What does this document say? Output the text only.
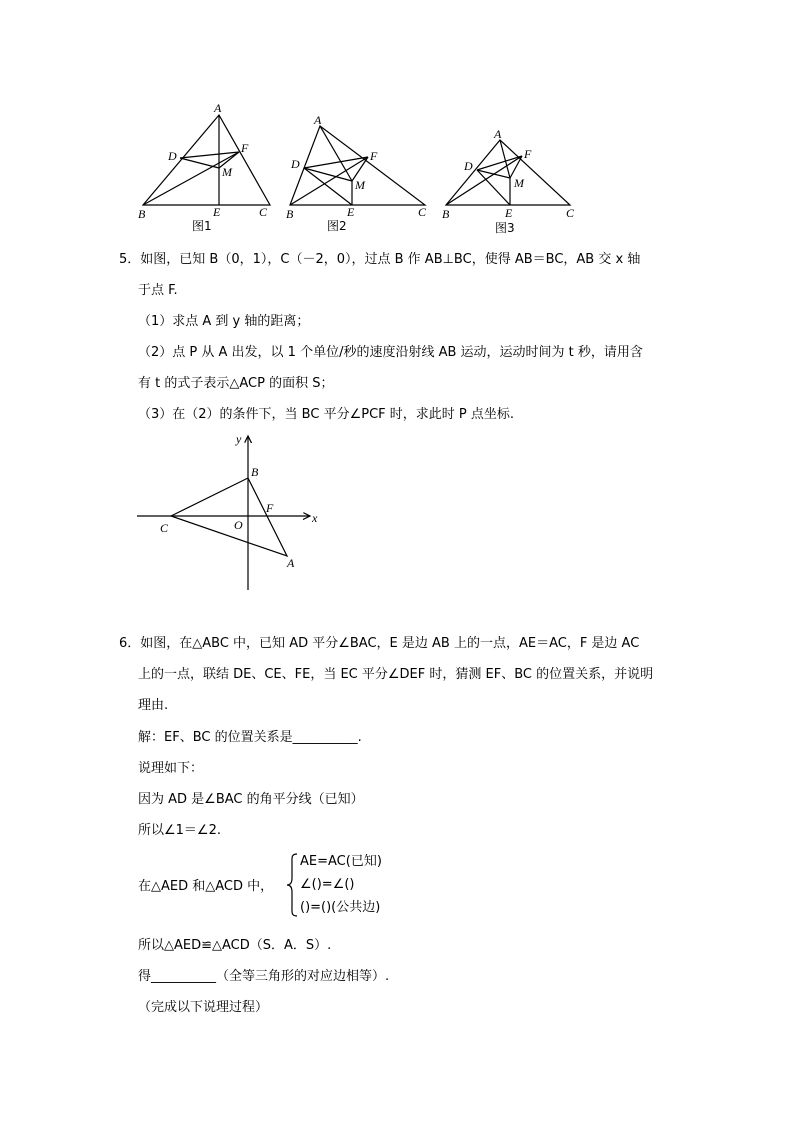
A
D
F
M
B	E	C
图1
A
D
F
M
B	E	C
图2
A
D
F
M
B	E	C
图3
5．如图，已知 B（0，1），C（－2，0），过点 B 作 AB⊥BC，使得 AB＝BC，AB 交 x 轴
于点 F.
（1）求点 A 到 y 轴的距离；
（2）点 P 从 A 出发，以 1 个单位/秒的速度沿射线 AB 运动，运动时间为 t 秒，请用含
有 t 的式子表示△ACP 的面积 S；
（3）在（2）的条件下，当 BC 平分∠PCF 时，求此时 P 点坐标.
y
x
B
F
C	O
A
6．如图，在△ABC 中，已知 AD 平分∠BAC，E 是边 AB 上的一点，AE＝AC，F 是边 AC
上的一点，联结 DE、CE、FE，当 EC 平分∠DEF 时，猜测 EF、BC 的位置关系，并说明
理由.
解：EF、BC 的位置关系是__________.
说理如下：
因为 AD 是∠BAC 的角平分线（已知）
所以∠1＝∠2.
在△AED 和△ACD 中，
AE=AC(已知)
∠()=∠()
()=()(公共边)
所以△AED≌△ACD（S．A．S）.
得__________（全等三角形的对应边相等）.
（完成以下说理过程）
